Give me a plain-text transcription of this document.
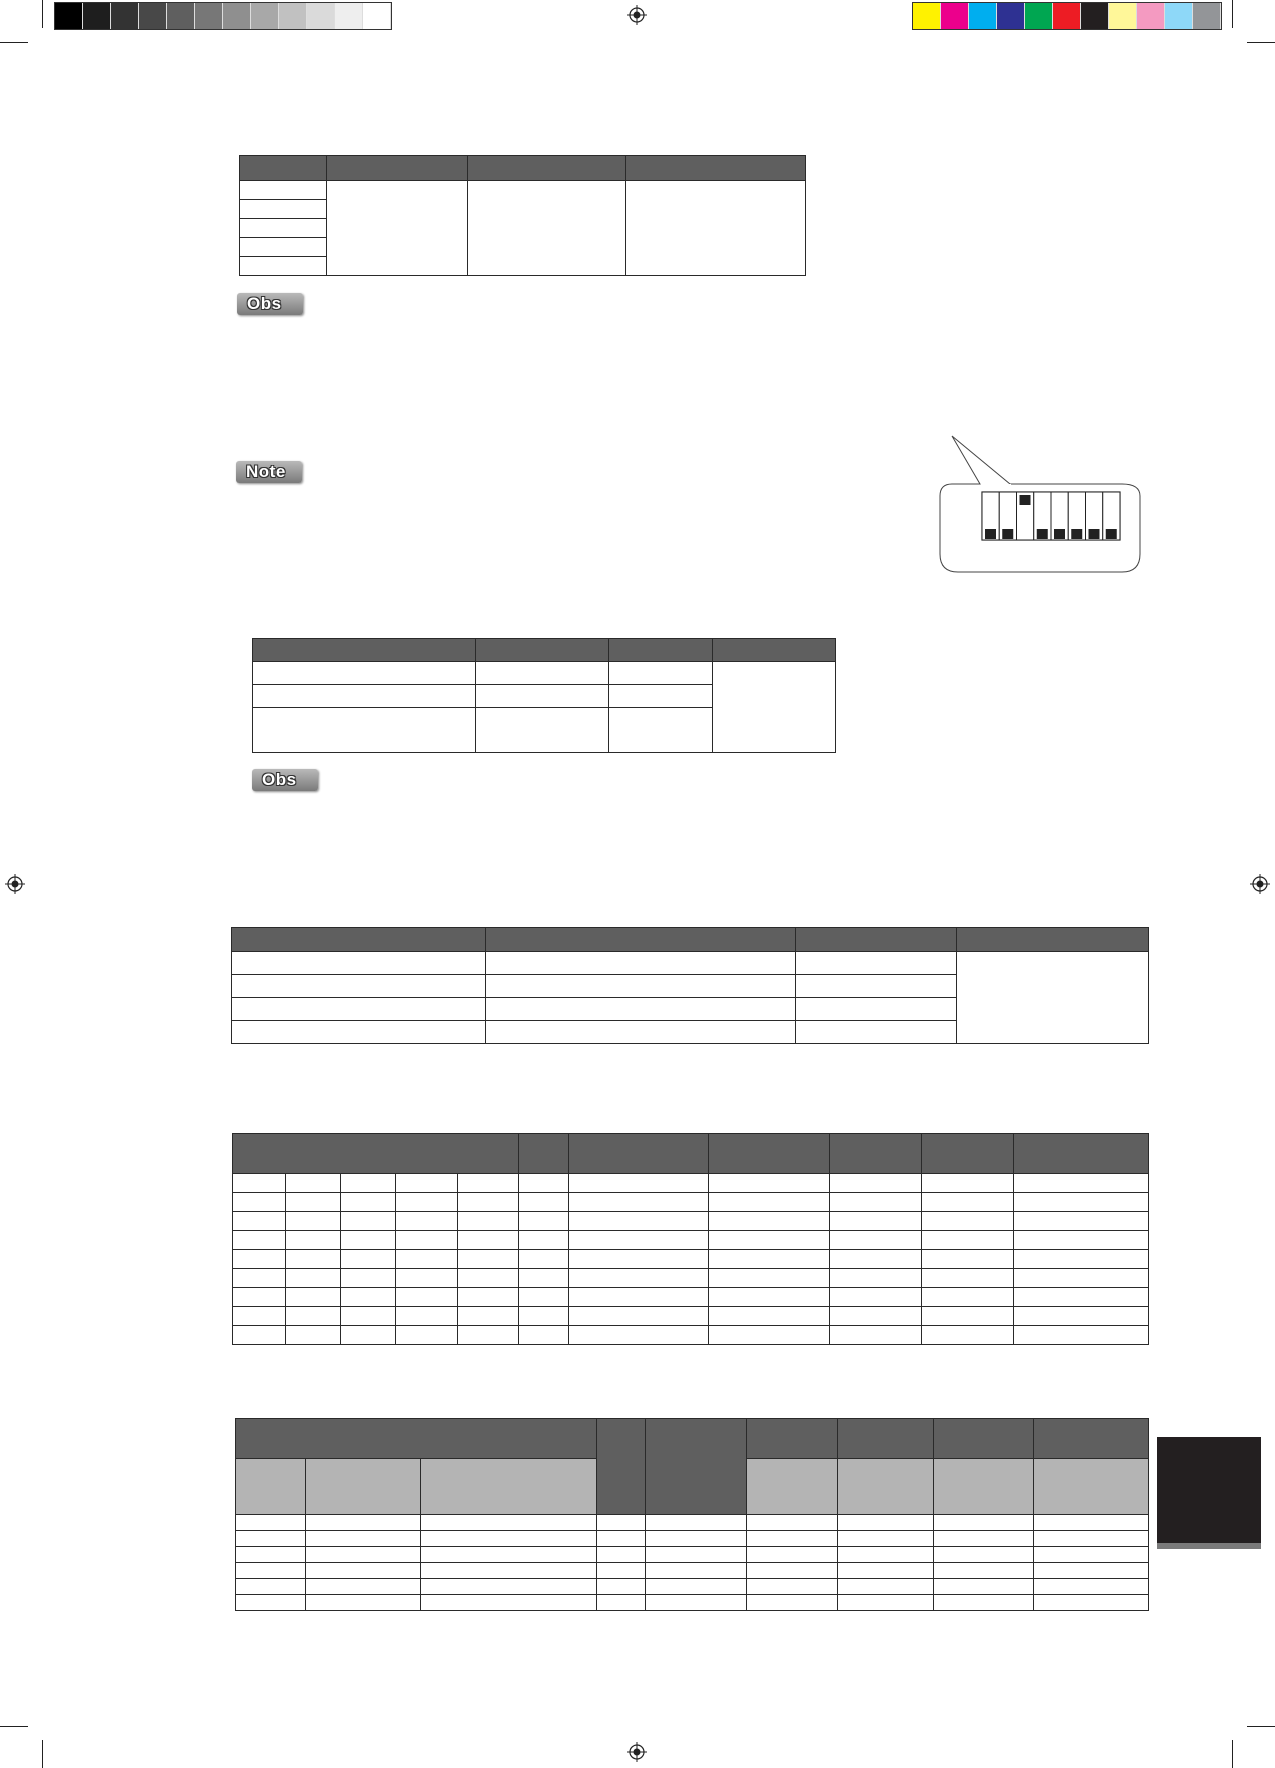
Obs
Note

Obs
